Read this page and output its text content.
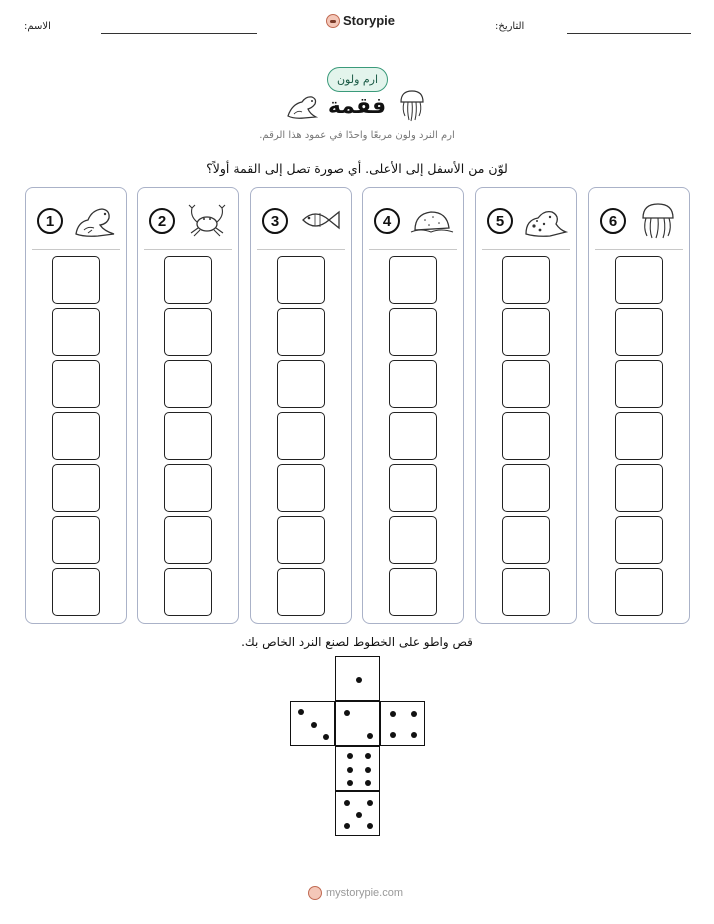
الاسم:	التاريخ:
Storypie
ارم ولون
فقمة
ارم النرد ولون مربعًا واحدًا في عمود هذا الرقم.
لوّن من الأسفل إلى الأعلى. أي صورة تصل إلى القمة أولاً؟
1	2	3	4	5	6
قص واطو على الخطوط لصنع النرد الخاص بك.
mystorypie.com
